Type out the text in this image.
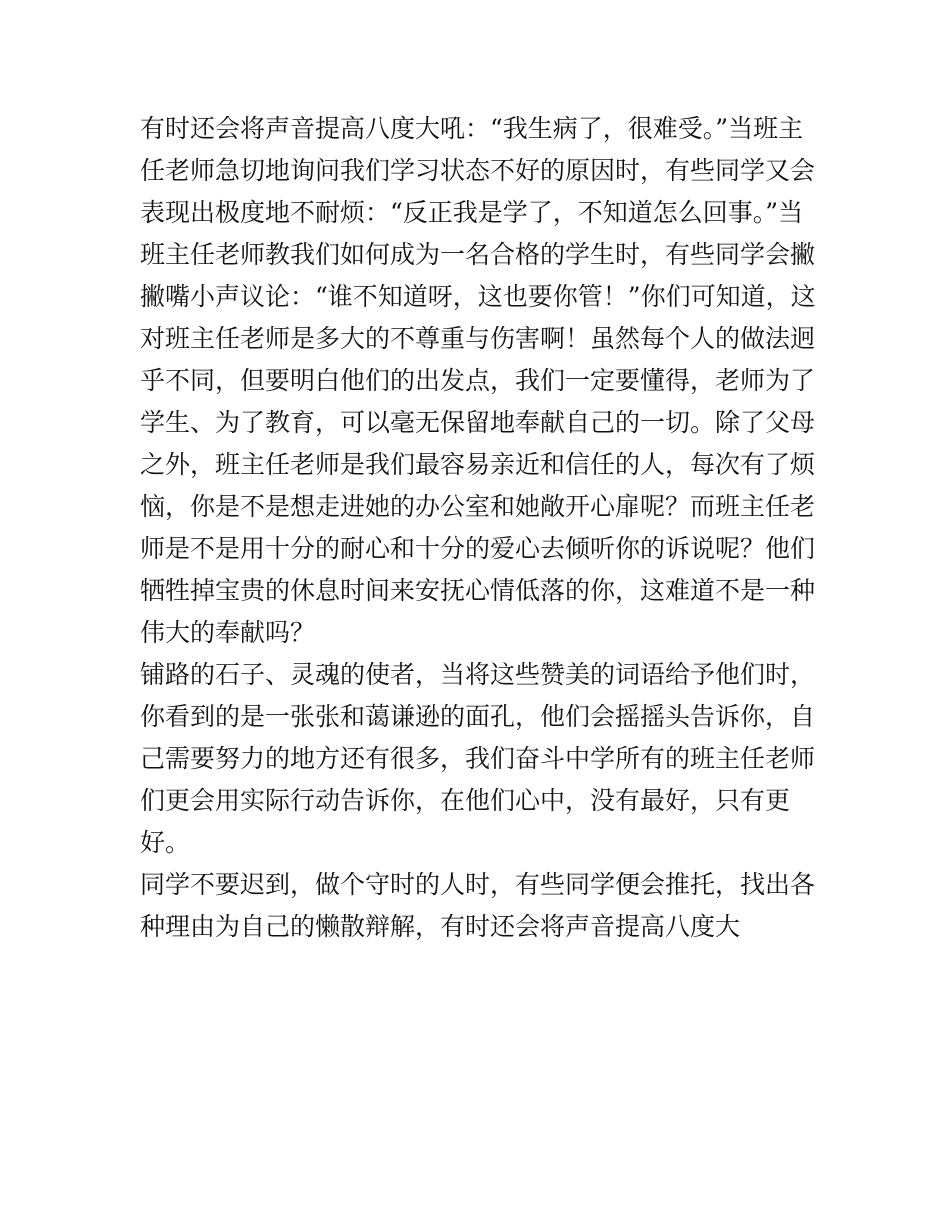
有时还会将声音提高八度大吼：“我生病了，很难受。”当班主
任老师急切地询问我们学习状态不好的原因时，有些同学又会
表现出极度地不耐烦：“反正我是学了，不知道怎么回事。”当
班主任老师教我们如何成为一名合格的学生时，有些同学会撇
撇嘴小声议论：“谁不知道呀，这也要你管！”你们可知道，这
对班主任老师是多大的不尊重与伤害啊！虽然每个人的做法迥
乎不同，但要明白他们的出发点，我们一定要懂得，老师为了
学生、为了教育，可以毫无保留地奉献自己的一切。除了父母
之外，班主任老师是我们最容易亲近和信任的人，每次有了烦
恼，你是不是想走进她的办公室和她敞开心扉呢？而班主任老
师是不是用十分的耐心和十分的爱心去倾听你的诉说呢？他们
牺牲掉宝贵的休息时间来安抚心情低落的你，这难道不是一种
伟大的奉献吗？
铺路的石子、灵魂的使者，当将这些赞美的词语给予他们时，
你看到的是一张张和蔼谦逊的面孔，他们会摇摇头告诉你，自
己需要努力的地方还有很多，我们奋斗中学所有的班主任老师
们更会用实际行动告诉你，在他们心中，没有最好，只有更
好。
同学不要迟到，做个守时的人时，有些同学便会推托，找出各
种理由为自己的懒散辩解，有时还会将声音提高八度大
